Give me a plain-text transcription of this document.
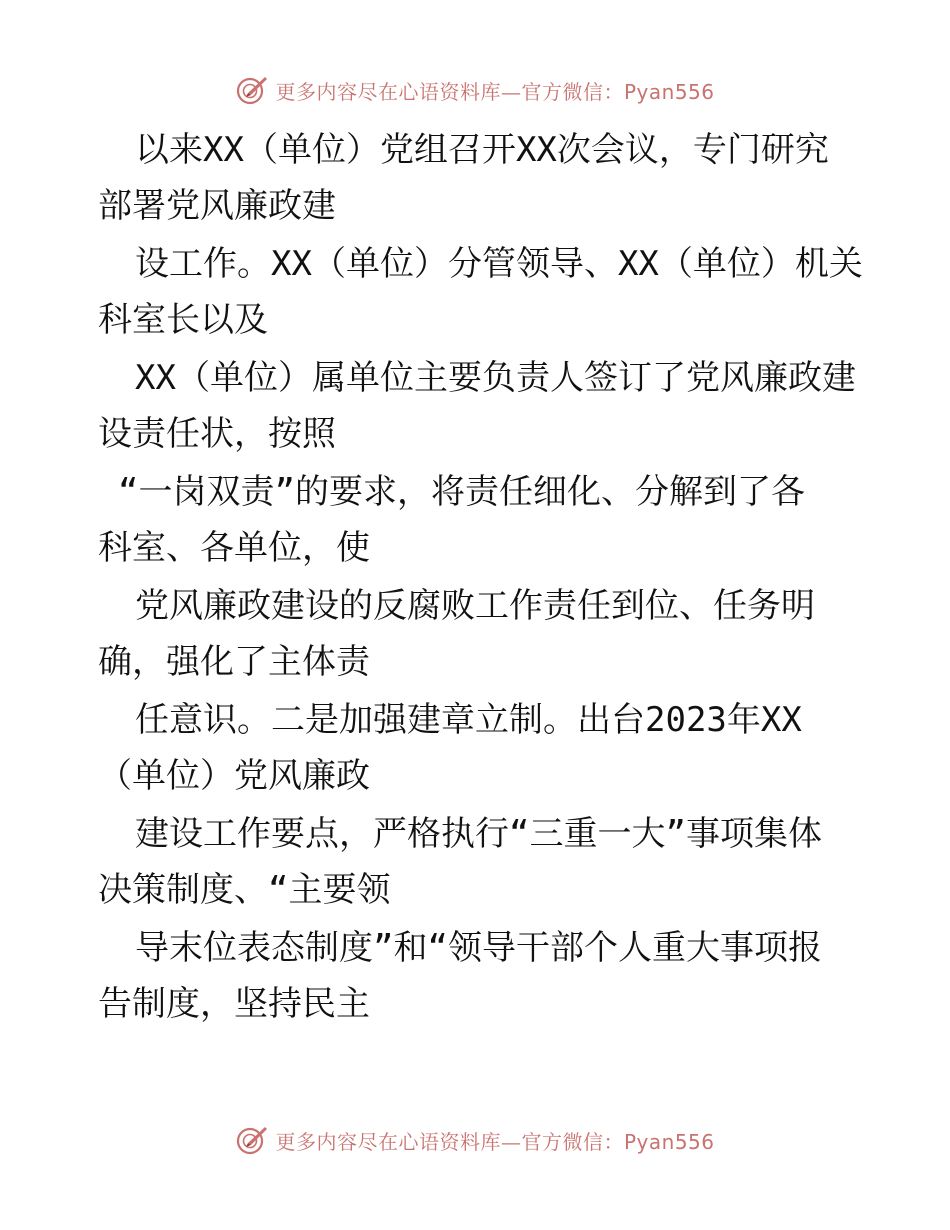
更多内容尽在心语资料库—官方微信：Pyan556
以来XX（单位）党组召开XX次会议，专门研究
部署党风廉政建
设工作。XX（单位）分管领导、XX（单位）机关
科室长以及
XX（单位）属单位主要负责人签订了党风廉政建
设责任状，按照
“一岗双责”的要求，将责任细化、分解到了各
科室、各单位，使
党风廉政建设的反腐败工作责任到位、任务明
确，强化了主体责
任意识。二是加强建章立制。出台2023年XX
（单位）党风廉政
建设工作要点，严格执行“三重一大”事项集体
决策制度、“主要领
导末位表态制度”和“领导干部个人重大事项报
告制度，坚持民主
更多内容尽在心语资料库—官方微信：Pyan556
